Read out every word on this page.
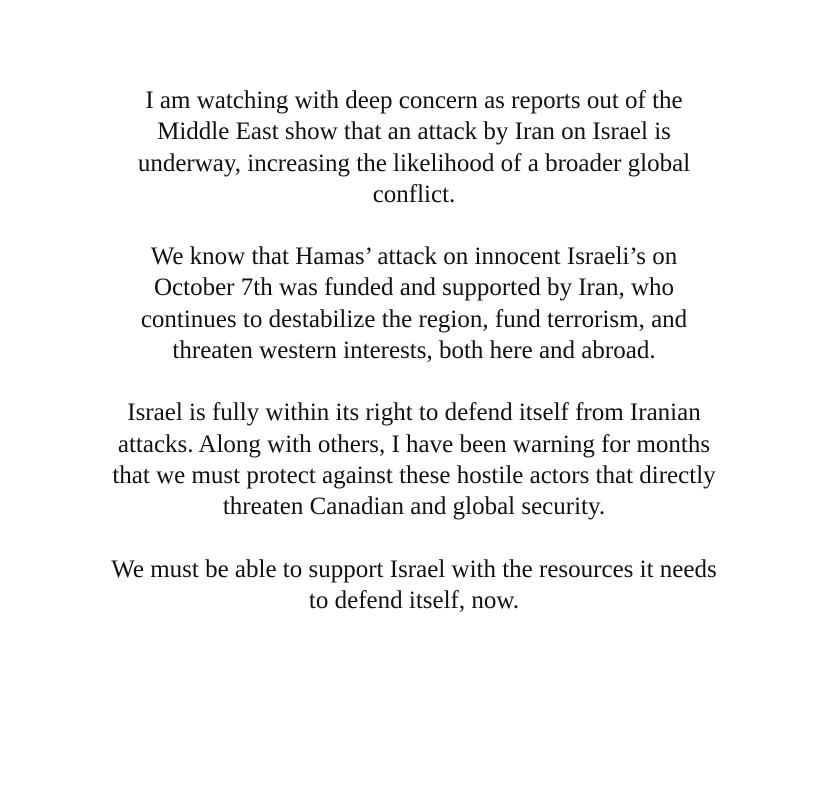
I am watching with deep concern as reports out of the
Middle East show that an attack by Iran on Israel is
underway, increasing the likelihood of a broader global
conflict.

We know that Hamas’ attack on innocent Israeli’s on
October 7th was funded and supported by Iran, who
continues to destabilize the region, fund terrorism, and
threaten western interests, both here and abroad.

Israel is fully within its right to defend itself from Iranian
attacks. Along with others, I have been warning for months
that we must protect against these hostile actors that directly
threaten Canadian and global security.

We must be able to support Israel with the resources it needs
to defend itself, now.
